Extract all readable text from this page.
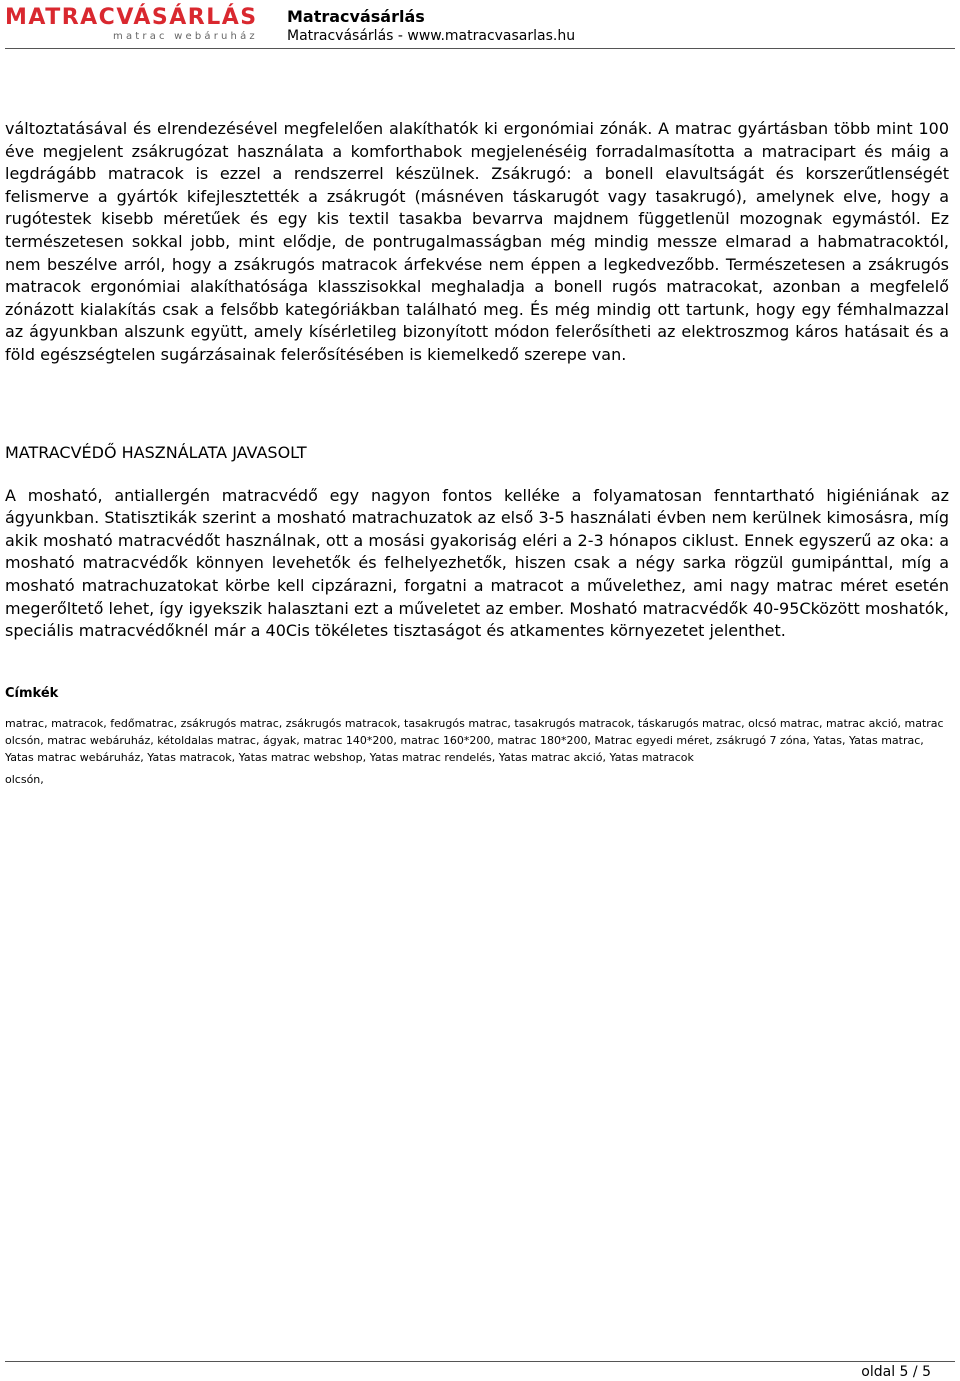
MATRACVÁSÁRLÁS
matrac webáruház
Matracvásárlás
Matracvásárlás - www.matracvasarlas.hu

változtatásával és elrendezésével megfelelően alakíthatók ki ergonómiai zónák. A matrac gyártásban több mint 100 éve megjelent zsákrugózat használata a komforthabok megjelenéséig forradalmasította a matracipart és máig a legdrágább matracok is ezzel a rendszerrel készülnek. Zsákrugó: a bonell elavultságát és korszerűtlenségét felismerve a gyártók kifejlesztették a zsákrugót (másnéven táskarugót vagy tasakrugó), amelynek elve, hogy a rugótestek kisebb méretűek és egy kis textil tasakba bevarrva majdnem függetlenül mozognak egymástól. Ez természetesen sokkal jobb, mint elődje, de pontrugalmasságban még mindig messze elmarad a habmatracoktól, nem beszélve arról, hogy a zsákrugós matracok árfekvése nem éppen a legkedvezőbb. Természetesen a zsákrugós matracok ergonómiai alakíthatósága klasszisokkal meghaladja a bonell rugós matracokat, azonban a megfelelő zónázott kialakítás csak a felsőbb kategóriákban található meg. És még mindig ott tartunk, hogy egy fémhalmazzal az ágyunkban alszunk együtt, amely kísérletileg bizonyított módon felerősítheti az elektroszmog káros hatásait és a föld egészségtelen sugárzásainak felerősítésében is kiemelkedő szerepe van.

MATRACVÉDŐ HASZNÁLATA JAVASOLT

A mosható, antiallergén matracvédő egy nagyon fontos kelléke a folyamatosan fenntartható higiéniának az ágyunkban. Statisztikák szerint a mosható matrachuzatok az első 3-5 használati évben nem kerülnek kimosásra, míg akik mosható matracvédőt használnak, ott a mosási gyakoriság eléri a 2-3 hónapos ciklust. Ennek egyszerű az oka: a mosható matracvédők könnyen levehetők és felhelyezhetők, hiszen csak a négy sarka rögzül gumipánttal, míg a mosható matrachuzatokat körbe kell cipzárazni, forgatni a matracot a művelethez, ami nagy matrac méret esetén megerőltető lehet, így igyekszik halasztani ezt a műveletet az ember. Mosható matracvédők 40-95Cközött moshatók, speciális matracvédőknél már a 40Cis tökéletes tisztaságot és atkamentes környezetet jelenthet.

Címkék

matrac, matracok, fedőmatrac, zsákrugós matrac, zsákrugós matracok, tasakrugós matrac, tasakrugós matracok, táskarugós matrac, olcsó matrac, matrac akció, matrac olcsón, matrac webáruház, kétoldalas matrac, ágyak, matrac 140*200, matrac 160*200, matrac 180*200, Matrac egyedi méret, zsákrugó 7 zóna, Yatas, Yatas matrac, Yatas matrac webáruház, Yatas matracok, Yatas matrac webshop, Yatas matrac rendelés, Yatas matrac akció, Yatas matracok

olcsón,

oldal 5 / 5
